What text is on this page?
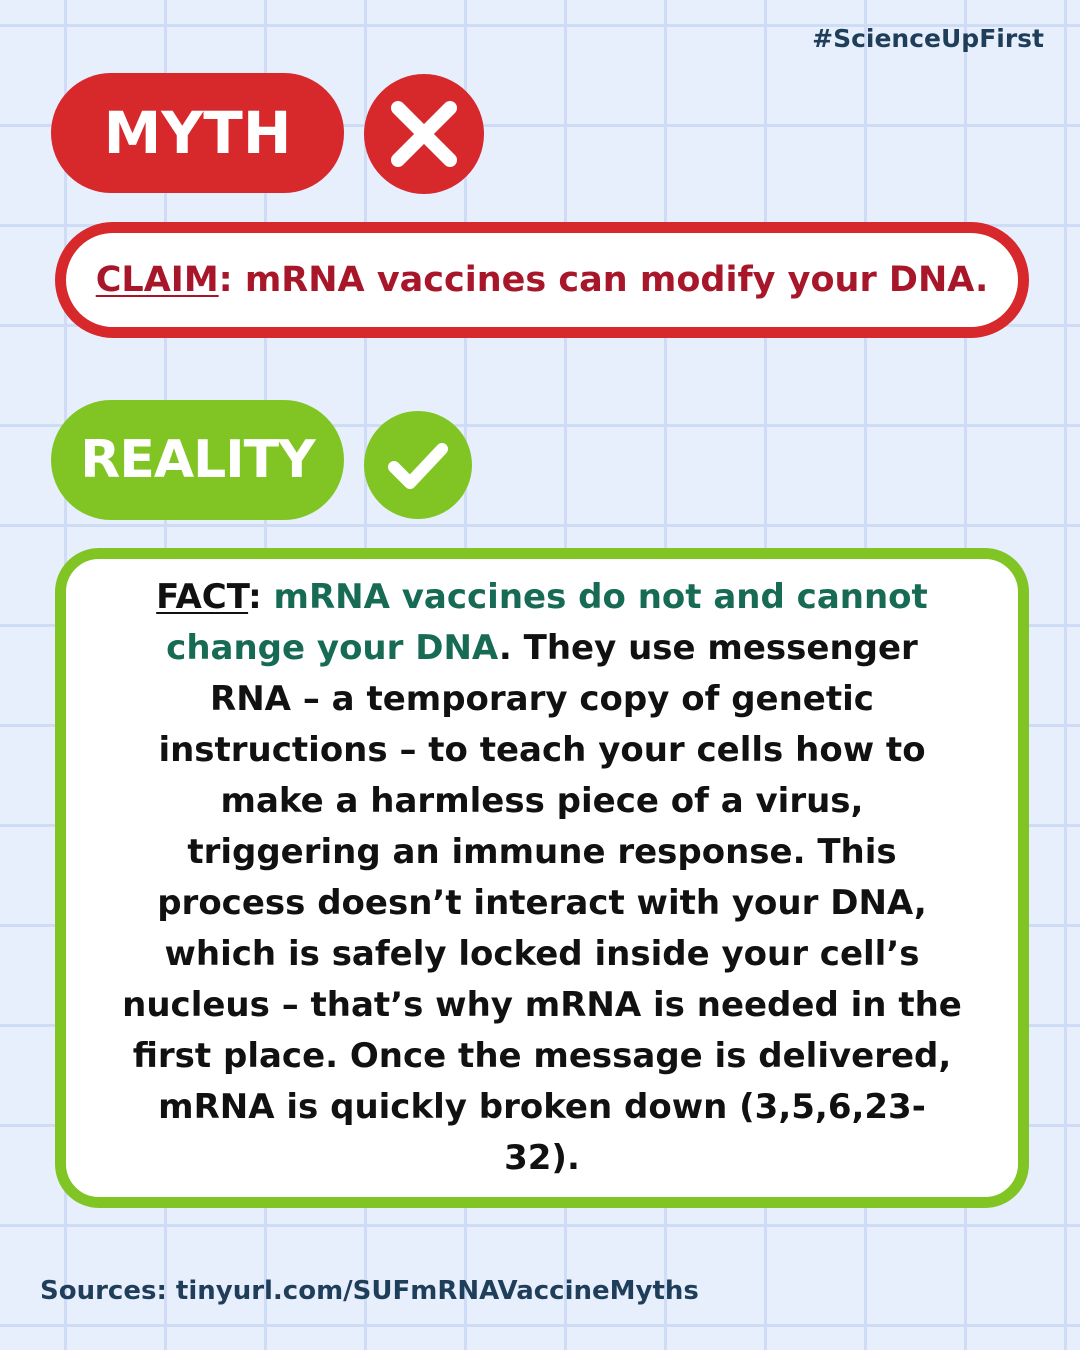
#ScienceUpFirst
MYTH
CLAIM : mRNA vaccines can modify your DNA.
REALITY

FACT: mRNA vaccines do not and cannot change your DNA. They use messenger RNA – a temporary copy of genetic instructions – to teach your cells how to make a harmless piece of a virus, triggering an immune response. This process doesn’t interact with your DNA, which is safely locked inside your cell’s nucleus – that’s why mRNA is needed in the first place. Once the message is delivered, mRNA is quickly broken down (3,5,6,23-32).

Sources: tinyurl.com/SUFmRNAVaccineMyths
